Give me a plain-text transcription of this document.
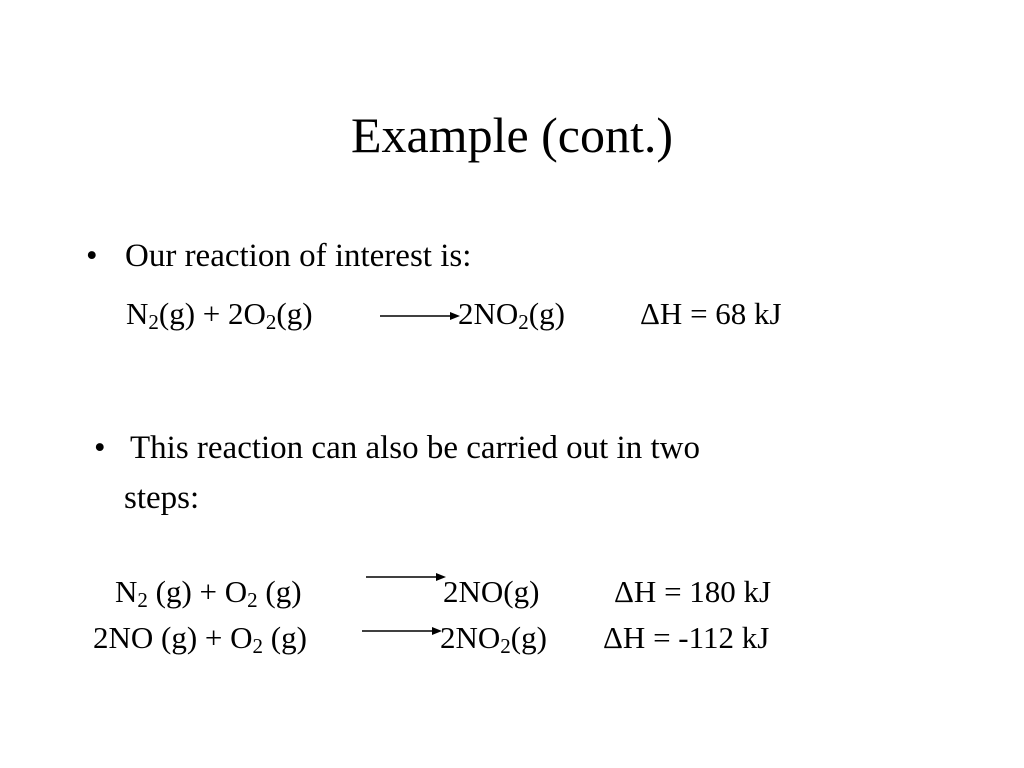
Example (cont.)
• Our reaction of interest is:
$N_2(g) + 2O_2(g)$	$2NO_2(g) \Delta H = 68$ kJ
• This reaction can also be carried out in two
steps:
$N_2$ $(g) + O_2$ (g)	2NO(g) ΔH = 180 kJ
2NO $(g) + O_2$ (g)	$2NO_2(g) \Delta H = -112$ kJ
